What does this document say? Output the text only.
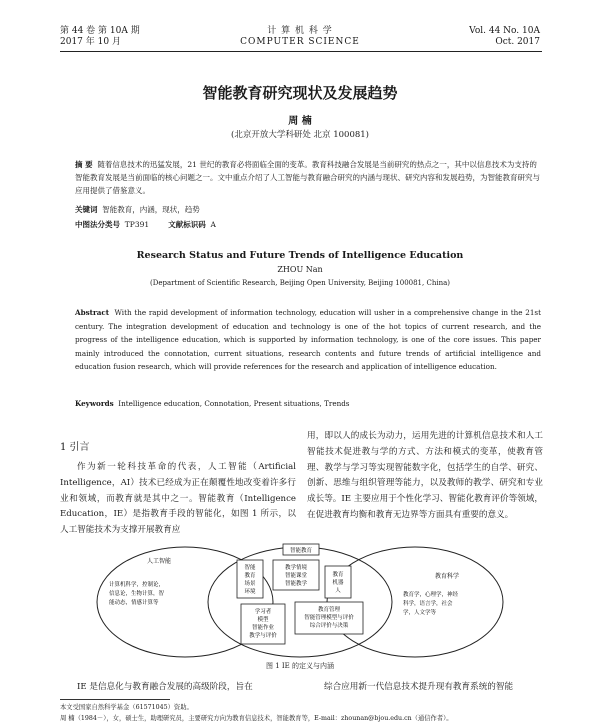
第 44 卷 第 10A 期
2017 年 10 月
计 算 机 科 学
COMPUTER SCIENCE
Vol. 44 No. 10A
Oct. 2017
智能教育研究现状及发展趋势
周 楠
(北京开放大学科研处 北京 100081)
摘 要 随着信息技术的迅猛发展，21 世纪的教育必将面临全面的变革。教育科技融合发展是当前研究的热点之一，其中以信息技术为支持的智能教育发展是当前面临的核心问题之一。文中重点介绍了人工智能与教育融合研究的内涵与现状、研究内容和发展趋势，为智能教育研究与应用提供了借鉴意义。
关键词 智能教育，内涵，现状，趋势
中图法分类号 TP391	文献标识码 A
Research Status and Future Trends of Intelligence Education
ZHOU Nan
(Department of Scientific Research, Beijing Open University, Beijing 100081, China)
Abstract With the rapid development of information technology, education will usher in a comprehensive change in the 21st century. The integration development of education and technology is one of the hot topics of current research, and the progress of the intelligence education, which is supported by information technology, is one of the core issues. This paper mainly introduced the connotation, current situations, research contents and future trends of artificial intelligence and education fusion research, which will provide references for the research and application of intelligence education.
Keywords Intelligence education, Connotation, Present situations, Trends
1 引言
作为新一轮科技革命的代表，人工智能（Artificial Intelligence，AI）技术已经成为正在颠覆性地改变着许多行业和领域，而教育就是其中之一。智能教育（Intelligence Education，IE）是指教育手段的智能化，如图 1 所示，以人工智能技术为支撑开展教育应
用，即以人的成长为动力，运用先进的计算机信息技术和人工智能技术促进教与学的方式、方法和模式的变革，使教育管理、教学与学习等实现智能数字化，包括学生的自学、研究、创新、思维与组织管理等能力，以及教师的教学、研究和专业成长等。IE 主要应用于个性化学习、智能化教育评价等领域，在促进教育均衡和教育无边界等方面具有重要的意义。
人工智能
计算机科学，控制论，
信息论，生物计算，智
能动态，情感计算等
教育科学
教育学，心理学，神经
科学，语言学，社会
学，人文学等
智能教育
智能
教育
场景
环境
教学情境
智能课堂
智能教学
教育
机器
人
学习者
模型
智能作业
教学与评价
教育管理
智能管理模型与评价
综合评价与决策
图 1 IE 的定义与内涵
IE 是信息化与教育融合发展的高级阶段，旨在	综合应用新一代信息技术提升现有教育系统的智能
本文受国家自然科学基金（61571045）资助。
周 楠（1984－），女，硕士生，助理研究员，主要研究方向为教育信息技术，智能教育等，E-mail：zhounan@bjou.edu.cn（通信作者）。
